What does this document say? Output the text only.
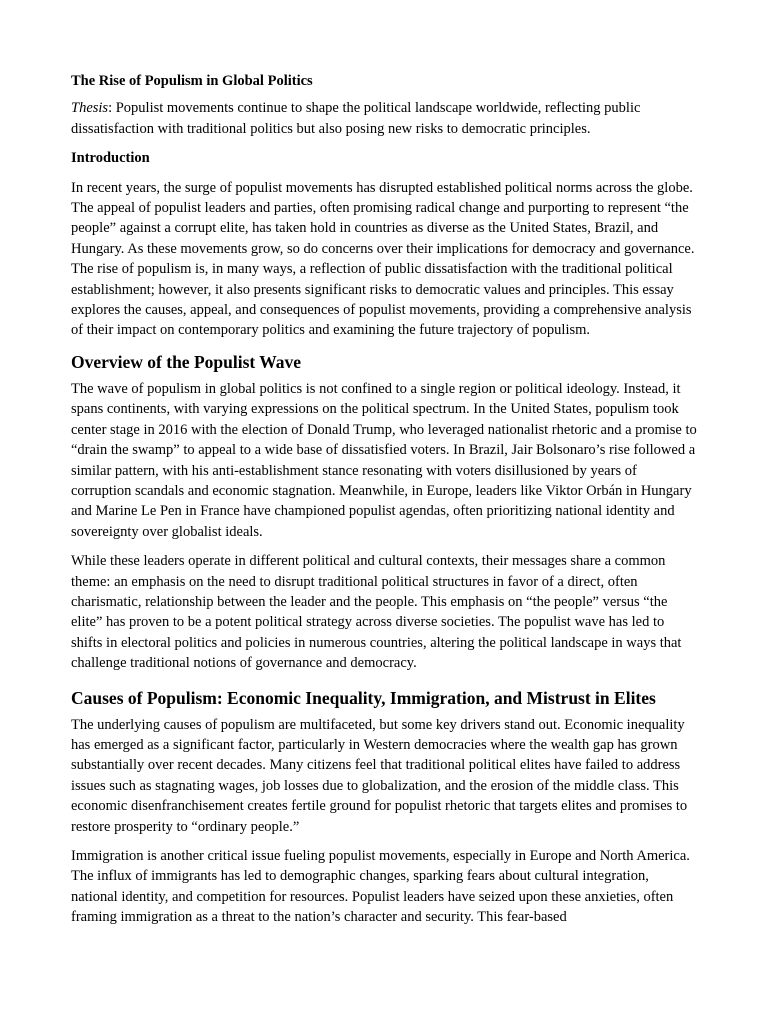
The Rise of Populism in Global Politics

Thesis: Populist movements continue to shape the political landscape worldwide, reflecting public dissatisfaction with traditional politics but also posing new risks to democratic principles.

Introduction

In recent years, the surge of populist movements has disrupted established political norms across the globe. The appeal of populist leaders and parties, often promising radical change and purporting to represent “the people” against a corrupt elite, has taken hold in countries as diverse as the United States, Brazil, and Hungary. As these movements grow, so do concerns over their implications for democracy and governance. The rise of populism is, in many ways, a reflection of public dissatisfaction with the traditional political establishment; however, it also presents significant risks to democratic values and principles. This essay explores the causes, appeal, and consequences of populist movements, providing a comprehensive analysis of their impact on contemporary politics and examining the future trajectory of populism.

Overview of the Populist Wave

The wave of populism in global politics is not confined to a single region or political ideology. Instead, it spans continents, with varying expressions on the political spectrum. In the United States, populism took center stage in 2016 with the election of Donald Trump, who leveraged nationalist rhetoric and a promise to “drain the swamp” to appeal to a wide base of dissatisfied voters. In Brazil, Jair Bolsonaro’s rise followed a similar pattern, with his anti-establishment stance resonating with voters disillusioned by years of corruption scandals and economic stagnation. Meanwhile, in Europe, leaders like Viktor Orbán in Hungary and Marine Le Pen in France have championed populist agendas, often prioritizing national identity and sovereignty over globalist ideals.

While these leaders operate in different political and cultural contexts, their messages share a common theme: an emphasis on the need to disrupt traditional political structures in favor of a direct, often charismatic, relationship between the leader and the people. This emphasis on “the people” versus “the elite” has proven to be a potent political strategy across diverse societies. The populist wave has led to shifts in electoral politics and policies in numerous countries, altering the political landscape in ways that challenge traditional notions of governance and democracy.

Causes of Populism: Economic Inequality, Immigration, and Mistrust in Elites

The underlying causes of populism are multifaceted, but some key drivers stand out. Economic inequality has emerged as a significant factor, particularly in Western democracies where the wealth gap has grown substantially over recent decades. Many citizens feel that traditional political elites have failed to address issues such as stagnating wages, job losses due to globalization, and the erosion of the middle class. This economic disenfranchisement creates fertile ground for populist rhetoric that targets elites and promises to restore prosperity to “ordinary people.”

Immigration is another critical issue fueling populist movements, especially in Europe and North America. The influx of immigrants has led to demographic changes, sparking fears about cultural integration, national identity, and competition for resources. Populist leaders have seized upon these anxieties, often framing immigration as a threat to the nation’s character and security. This fear-based
